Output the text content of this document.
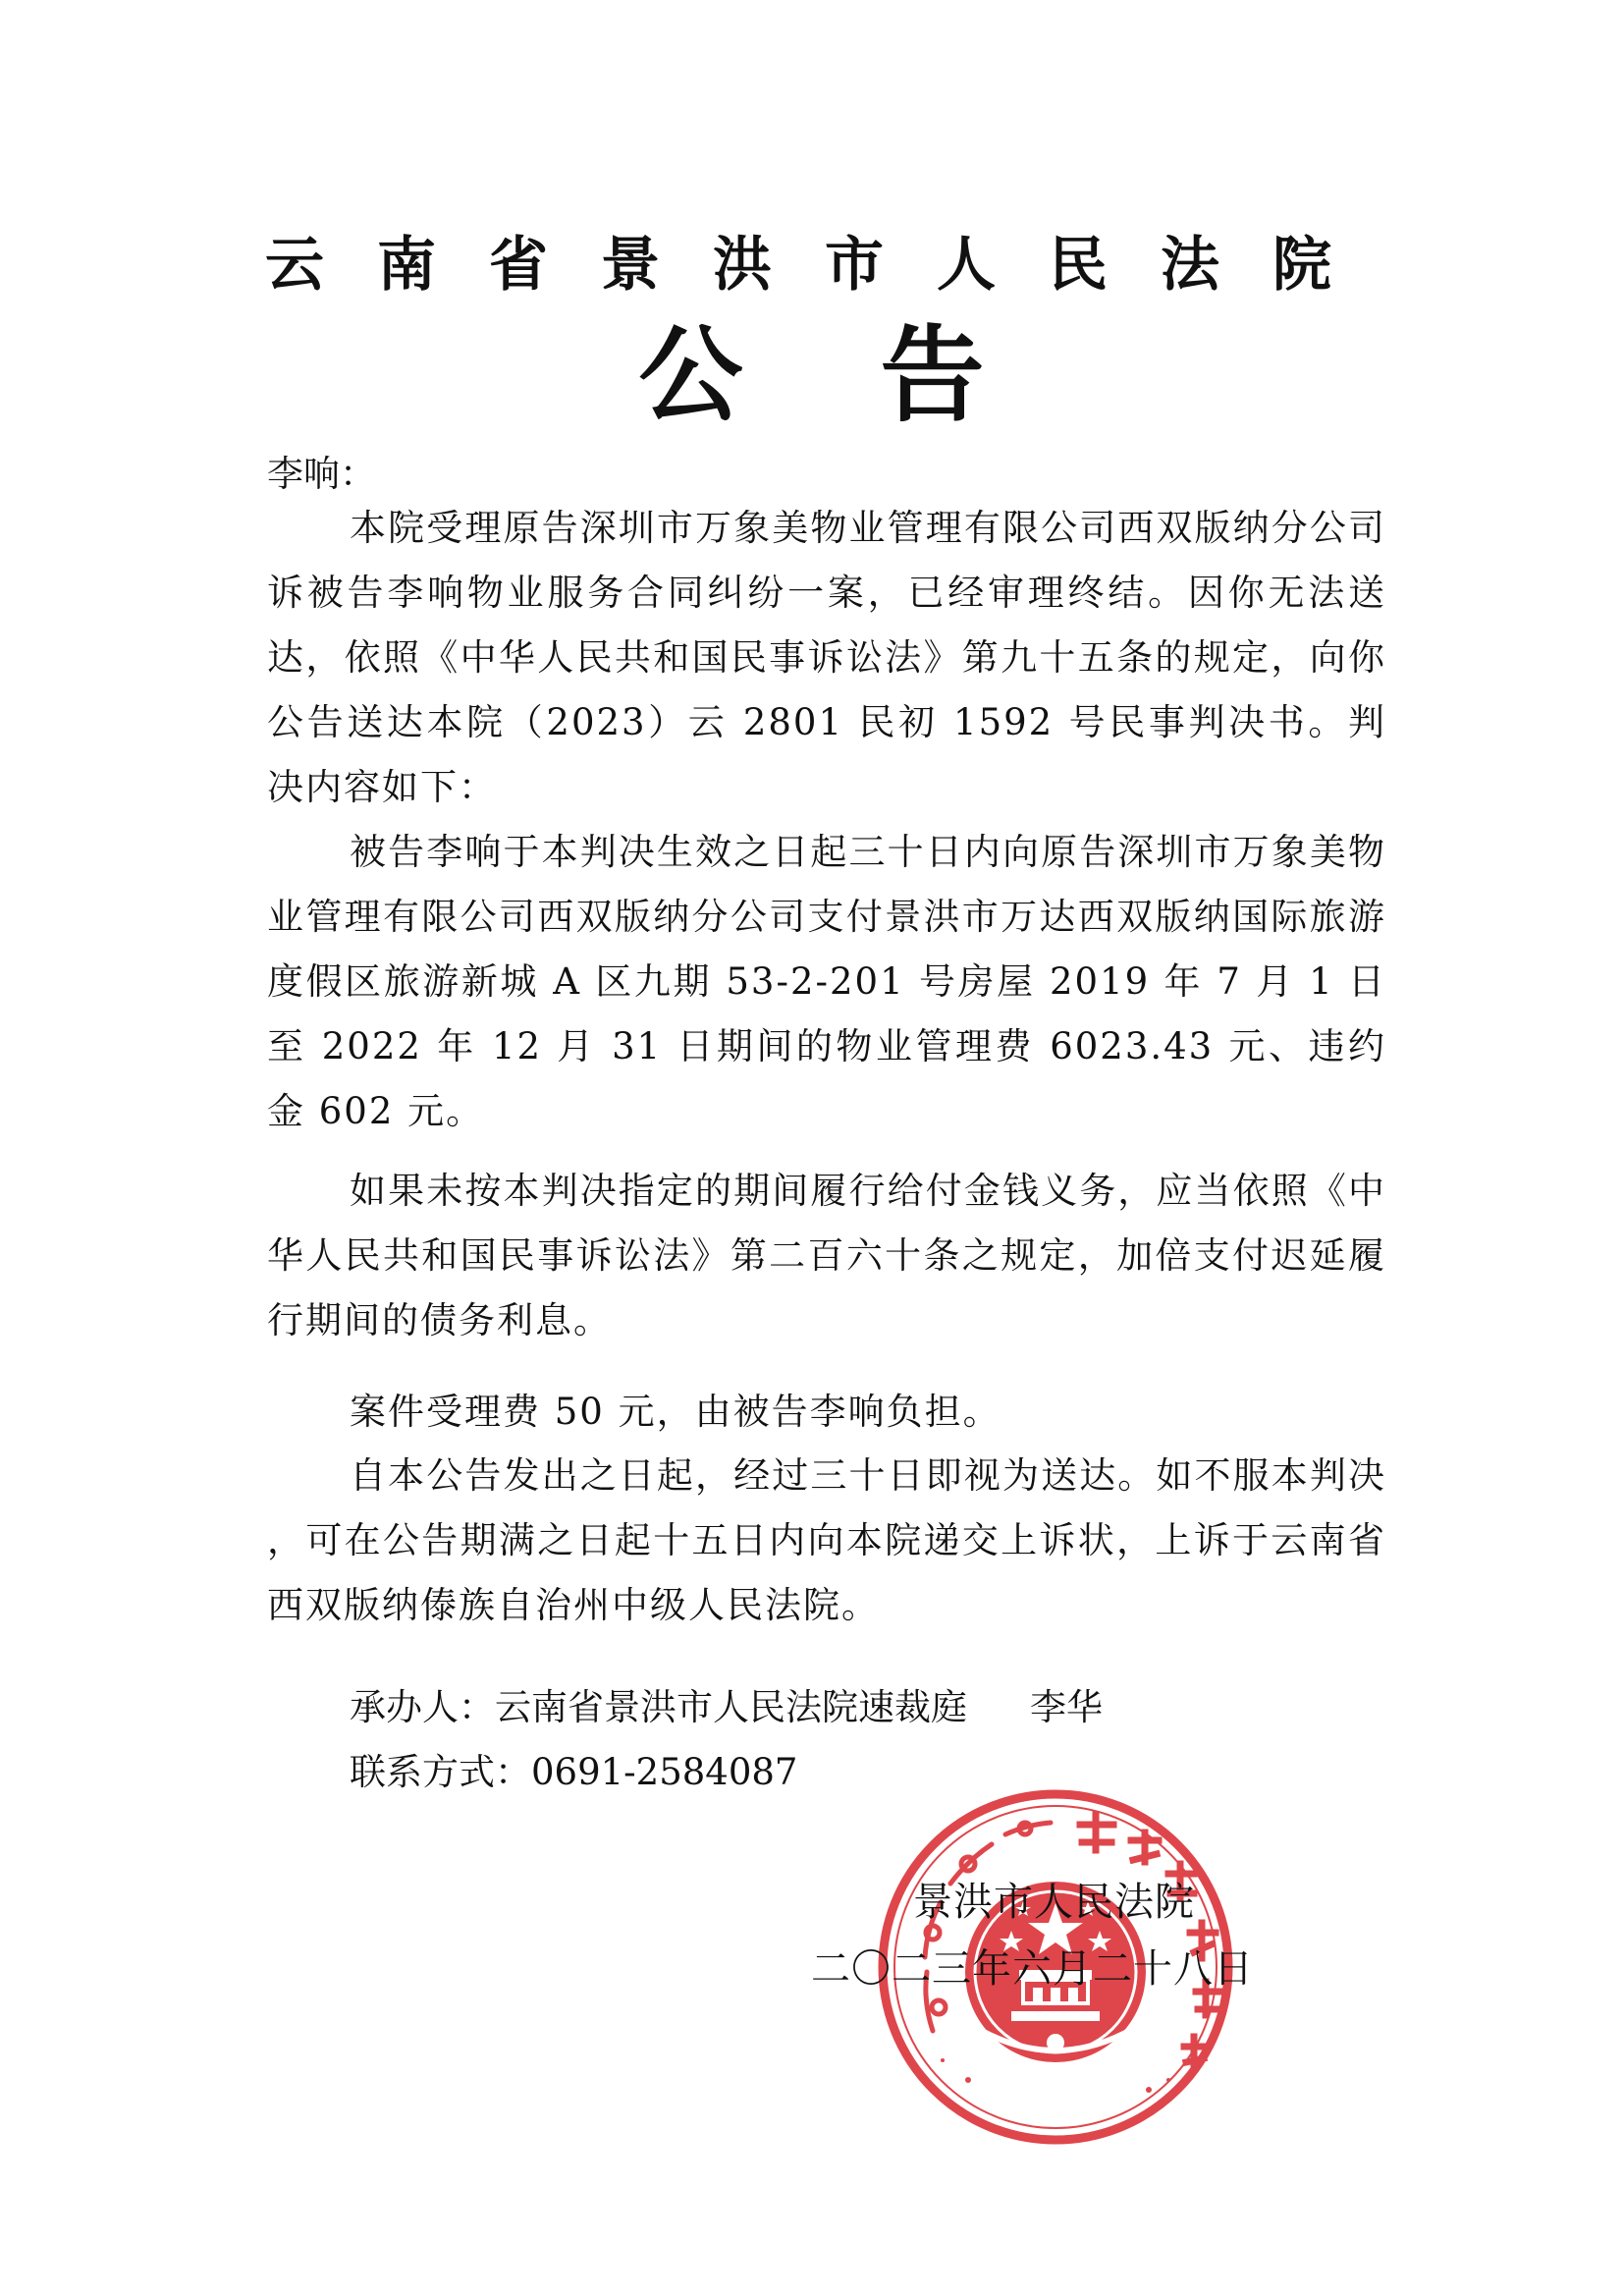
云南省景洪市人民法院
公告
李响：

本院受理原告深圳市万象美物业管理有限公司西双版纳分公司诉被告李响物业服务合同纠纷一案，已经审理终结。因你无法送达，依照《中华人民共和国民事诉讼法》第九十五条的规定，向你公告送达本院（2023）云 2801 民初 1592 号民事判决书。判决内容如下：

被告李响于本判决生效之日起三十日内向原告深圳市万象美物业管理有限公司西双版纳分公司支付景洪市万达西双版纳国际旅游度假区旅游新城 A 区九期 53-2-201 号房屋 2019 年 7 月 1 日至 2022 年 12 月 31 日期间的物业管理费 6023.43 元、违约金 602 元。

如果未按本判决指定的期间履行给付金钱义务，应当依照《中华人民共和国民事诉讼法》第二百六十条之规定，加倍支付迟延履行期间的债务利息。

案件受理费 50 元，由被告李响负担。

自本公告发出之日起，经过三十日即视为送达。如不服本判决 ，可在公告期满之日起十五日内向本院递交上诉状，上诉于云南省西双版纳傣族自治州中级人民法院。

承办人：云南省景洪市人民法院速裁庭 李华
联系方式：0691-2584087
景洪市人民法院
二〇二三年六月二十八日
